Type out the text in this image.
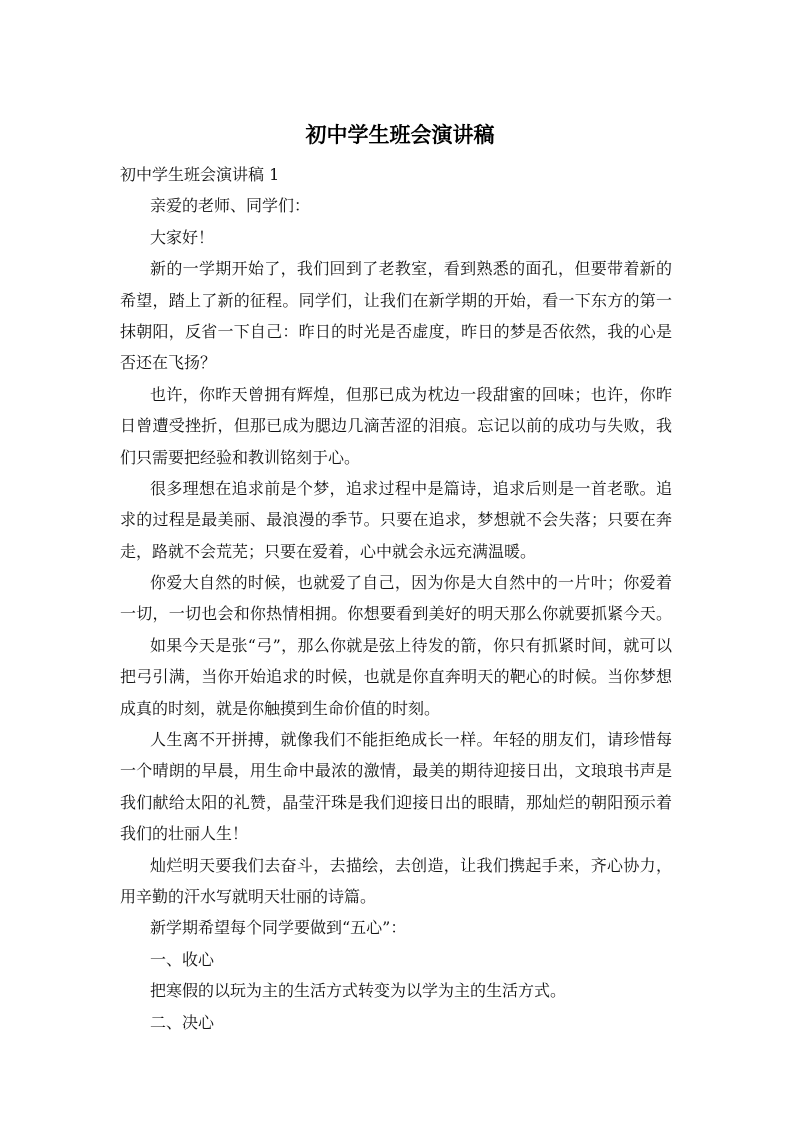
初中学生班会演讲稿
初中学生班会演讲稿 1
亲爱的老师、同学们：
大家好！
新的一学期开始了，我们回到了老教室，看到熟悉的面孔，但要带着新的
希望，踏上了新的征程。同学们，让我们在新学期的开始，看一下东方的第一
抹朝阳，反省一下自己：昨日的时光是否虚度，昨日的梦是否依然，我的心是
否还在飞扬？
也许，你昨天曾拥有辉煌，但那已成为枕边一段甜蜜的回味；也许，你昨
日曾遭受挫折，但那已成为腮边几滴苦涩的泪痕。忘记以前的成功与失败，我
们只需要把经验和教训铭刻于心。
很多理想在追求前是个梦，追求过程中是篇诗，追求后则是一首老歌。追
求的过程是最美丽、最浪漫的季节。只要在追求，梦想就不会失落；只要在奔
走，路就不会荒芜；只要在爱着，心中就会永远充满温暖。
你爱大自然的时候，也就爱了自己，因为你是大自然中的一片叶；你爱着
一切，一切也会和你热情相拥。你想要看到美好的明天那么你就要抓紧今天。
如果今天是张“弓”，那么你就是弦上待发的箭，你只有抓紧时间，就可以
把弓引满，当你开始追求的时候，也就是你直奔明天的靶心的时候。当你梦想
成真的时刻，就是你触摸到生命价值的时刻。
人生离不开拼搏，就像我们不能拒绝成长一样。年轻的朋友们，请珍惜每
一个晴朗的早晨，用生命中最浓的激情，最美的期待迎接日出，文琅琅书声是
我们献给太阳的礼赞，晶莹汗珠是我们迎接日出的眼睛，那灿烂的朝阳预示着
我们的壮丽人生！
灿烂明天要我们去奋斗，去描绘，去创造，让我们携起手来，齐心协力，
用辛勤的汗水写就明天壮丽的诗篇。
新学期希望每个同学要做到“五心”：
一、收心
把寒假的以玩为主的生活方式转变为以学为主的生活方式。
二、决心
